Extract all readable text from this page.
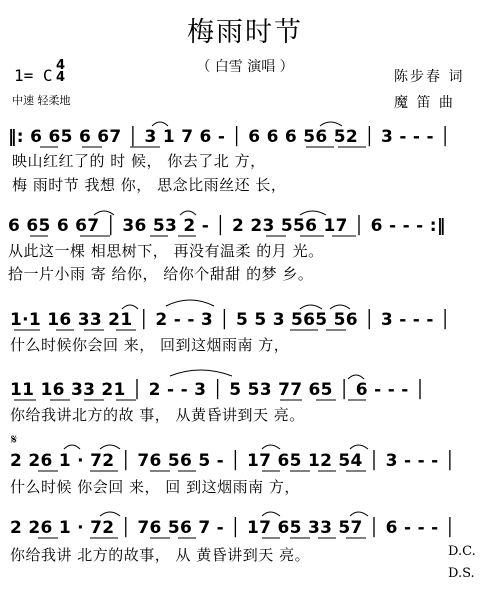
梅雨时节
（ 白雪 演唱 ）
1= C
4
4
中速 轻柔地
陈步春 词
魔 笛 曲
‖: 6 65 6 67 │ 3 1 7 6 - │ 6 6 6 56 52 │ 3 - - - │
映山红红了的 时 候， 你去了北 方，
梅 雨时节 我想 你， 思念比雨丝还 长，
6 65 6 67 │ 36 53 2 - │ 2 23 556 17 │ 6 - - - :‖
从此这一棵 相思树下， 再没有温柔 的月 光。
拾一片小雨 寄 给你， 给你个甜甜 的梦 乡。
1·1 16 33 21 │ 2 - - 3 │ 5 5 3 565 56 │ 3 - - - │
什么时候你会回 来， 回到这烟雨南 方，
11 16 33 21 │ 2 - - 3 │ 5 53 77 65 │ 6 - - - │
你给我讲北方的故 事， 从黄昏讲到天 亮。
𝄋
2 26 1 · 72 │ 76 56 5 - │ 17 65 12 54 │ 3 - - - │
什么时候 你会回 来， 回 到这烟雨南 方，
2 26 1 · 72 │ 76 56 7 - │ 17 65 33 57 │ 6 - - - │
你给我讲 北方的故事， 从 黄昏讲到天 亮。	D.C.
D.S.
